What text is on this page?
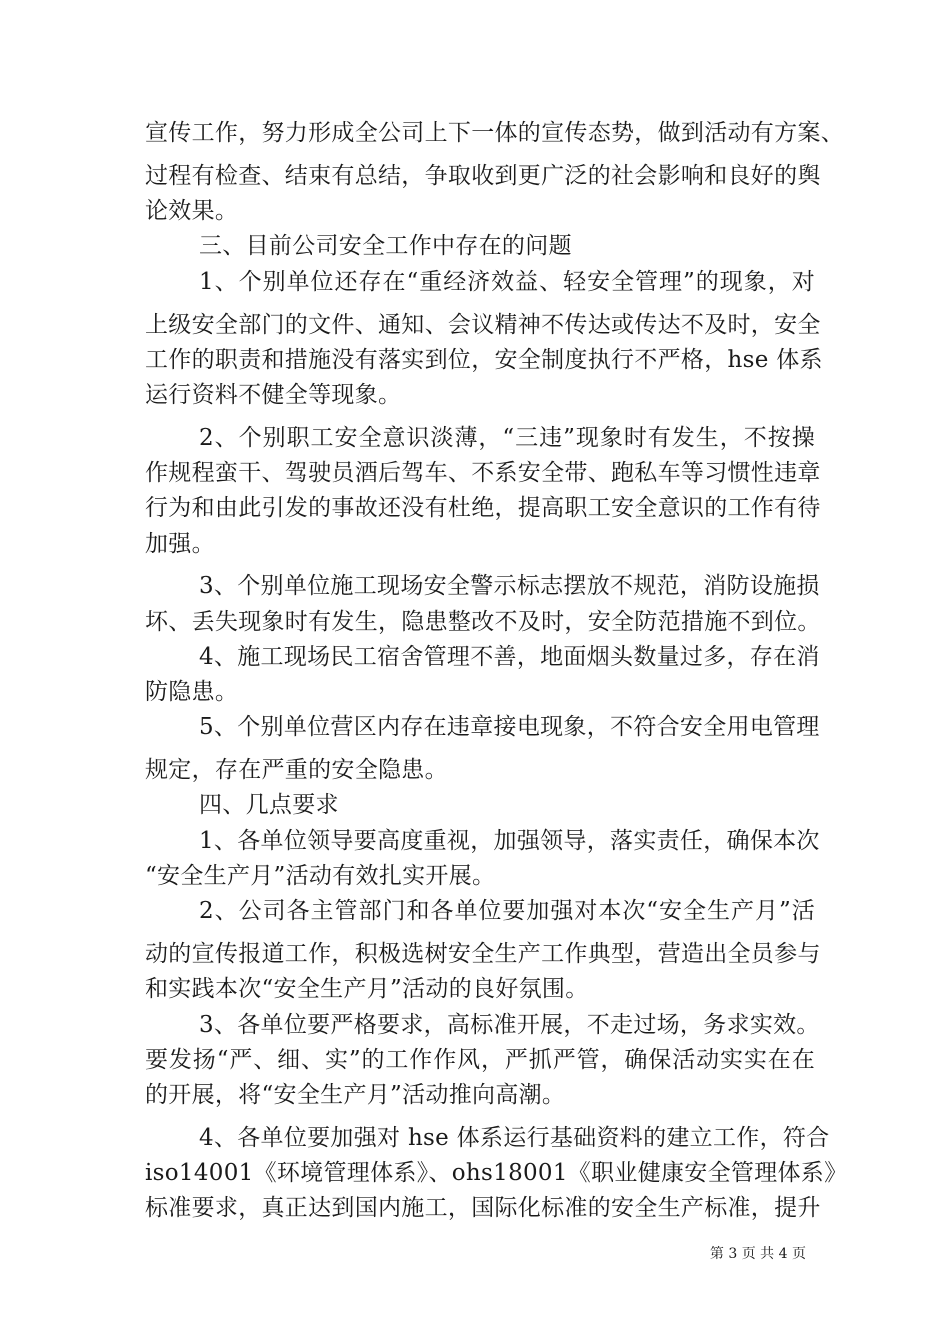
宣传工作，努力形成全公司上下一体的宣传态势，做到活动有方案、
过程有检查、结束有总结，争取收到更广泛的社会影响和良好的舆
论效果。
三、目前公司安全工作中存在的问题
1、个别单位还存在“重经济效益、轻安全管理”的现象，对
上级安全部门的文件、通知、会议精神不传达或传达不及时，安全
工作的职责和措施没有落实到位，安全制度执行不严格，hse 体系
运行资料不健全等现象。
2、个别职工安全意识淡薄，“三违”现象时有发生，不按操
作规程蛮干、驾驶员酒后驾车、不系安全带、跑私车等习惯性违章
行为和由此引发的事故还没有杜绝，提高职工安全意识的工作有待
加强。
3、个别单位施工现场安全警示标志摆放不规范，消防设施损
坏、丢失现象时有发生，隐患整改不及时，安全防范措施不到位。
4、施工现场民工宿舍管理不善，地面烟头数量过多，存在消
防隐患。
5、个别单位营区内存在违章接电现象，不符合安全用电管理
规定，存在严重的安全隐患。
四、几点要求
1、各单位领导要高度重视，加强领导，落实责任，确保本次
“安全生产月”活动有效扎实开展。
2、公司各主管部门和各单位要加强对本次“安全生产月”活
动的宣传报道工作，积极选树安全生产工作典型，营造出全员参与
和实践本次“安全生产月”活动的良好氛围。
3、各单位要严格要求，高标准开展，不走过场，务求实效。
要发扬“严、细、实”的工作作风，严抓严管，确保活动实实在在
的开展，将“安全生产月”活动推向高潮。
4、各单位要加强对 hse 体系运行基础资料的建立工作，符合
iso14001《环境管理体系》、ohs18001《职业健康安全管理体系》
标准要求，真正达到国内施工，国际化标准的安全生产标准，提升
第 3 页 共 4 页
